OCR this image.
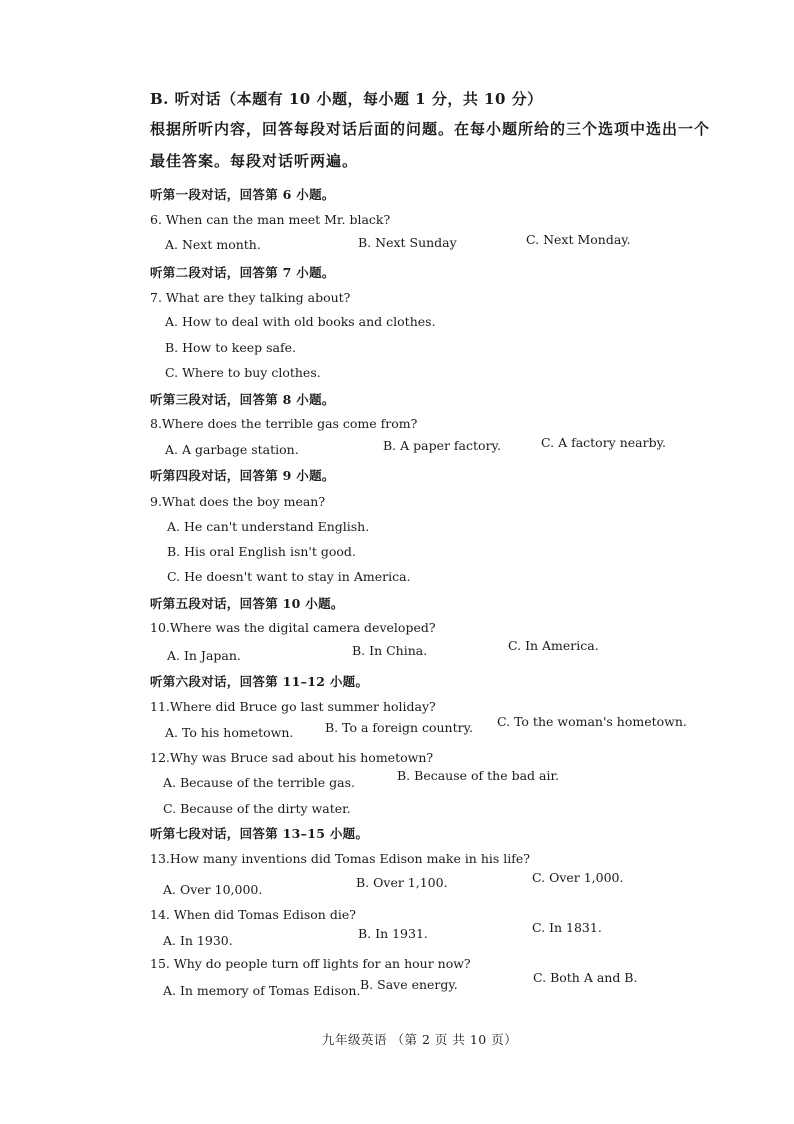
B. 听对话（本题有 10 小题，每小题 1 分，共 10 分）
根据所听内容，回答每段对话后面的问题。在每小题所给的三个选项中选出一个
最佳答案。每段对话听两遍。
听第一段对话，回答第 6 小题。
6. When can the man meet Mr. black?
A. Next month.	B. Next Sunday	C. Next Monday.
听第二段对话，回答第 7 小题。
7. What are they talking about?
A. How to deal with old books and clothes.
B. How to keep safe.
C. Where to buy clothes.
听第三段对话，回答第 8 小题。
8.Where does the terrible gas come from?
A. A garbage station.	B. A paper factory.	C. A factory nearby.
听第四段对话，回答第 9 小题。
9.What does the boy mean?
A. He can't understand English.
B. His oral English isn't good.
C. He doesn't want to stay in America.
听第五段对话，回答第 10 小题。
10.Where was the digital camera developed?
A. In Japan.	B. In China.	C. In America.
听第六段对话，回答第 11–12 小题。
11.Where did Bruce go last summer holiday?
A. To his hometown.	B. To a foreign country. C. To the woman's hometown.
12.Why was Bruce sad about his hometown?
A. Because of the terrible gas.	B. Because of the bad air.
C. Because of the dirty water.
听第七段对话，回答第 13–15 小题。
13.How many inventions did Tomas Edison make in his life?
A. Over 10,000.	B. Over 1,100.	C. Over 1,000.
14. When did Tomas Edison die?
A. In 1930.	B. In 1931.	C. In 1831.
15. Why do people turn off lights for an hour now?
A. In memory of Tomas Edison. B. Save energy.	C. Both A and B.
九年级英语 （第 2 页 共 10 页）
